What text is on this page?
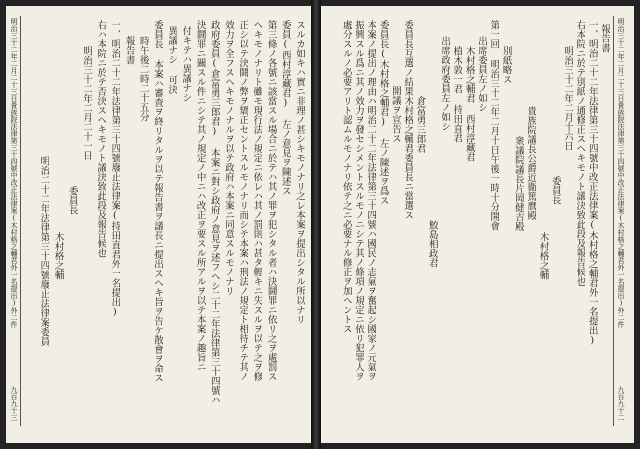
明治三十二年二月二十三日貴族院法律第三十四號中改正法律案(木村格之輔君外一名提出)外二件
九百九十二
報告書
一、明治二十二年法律第三十四號中改正法律案(木村格之輔君外一名提出)
右本院ニ於テ別紙ノ通修正スヘキモノト議決致此段及報告候也
明治三十二年二月十六日
委員長
木村格之輔
貴族院議長公爵近衞篤麿殿
衆議院議長片岡健吉殿
別紙略ス
第一回 明治三十二年二月十日午後一時十分開會
出席委員左ノ如シ
木村格之輔君 西村淳藏君
植木敦一君 持田直君
出席政府委員左ノ如シ
鮫島相政君
倉富勇三郎君
委員長互選ノ結果木村格之輔君委員長ニ當選ス
開議ヲ宣告ス
委員長(木村格之輔君) 左ノ陳述ヲ爲ス
本案ノ提出ノ理由ハ明治二十二年法律第三十四號ハ國民ノ志氣ヲ奮起シ國家ノ元氣ヲ
振興スル爲ニ其ノ效力ヲ發セシメントスルモノニシテ其ノ條項ノ規定ニ依リ犯罪人ヲ
處分スルノ必要アリト認ムルモノナリ依テ之ニ必要ナル修正ヲ加ヘントス
明治三十二年二月二十三日貴族院法律第三十四號中改正法律案(木村格之輔君外一名提出)外二件
九百九十三
スルカ如キハ實ニ非理ノ甚シキモノナリ之レ本案ヲ提出シタル所以ナリ
委員(西村淳藏君) 左ノ意見ヲ陳述ス
第三條ノ各號ニ該當スル場合ニ於テハ其ノ罪ヲ犯シタル者ハ決鬪罪ニ依リ之ヲ處罰ス
ヘキモノナリト雖モ現行法ノ規定ニ依レハ其ノ罰則ハ甚タ輕キニ失スルヲ以テ之ヲ修
正シ以テ決鬪ノ弊ヲ矯正セントスルモノナリ而シテ本案ハ刑法ノ規定ト相待チテ其ノ
效力ヲ全フスヘキモノナルヲ以テ政府ハ本案ニ同意スルモノナリ
政府委員(倉富勇三郎君) 本案ニ對シ政府ノ意見ヲ述フヘシ二十二年法律第三十四號ハ
決鬪罪ニ關スル件ニシテ其ノ規定ノ中ニハ改正ヲ要スル所アルヲ以テ本案ノ趣旨ニ
付キテハ異議ナシ
異議ナシ 可決
委員長 本案ハ審査ヲ終リタルヲ以テ報告書ヲ議長ニ提出スヘキ旨ヲ告ケ散會ヲ命ス
時午後二時二十五分
報告書
一、明治二十二年法律第三十四號廢止法律案(持田直君外一名提出)
右ハ本院ニ於テ否決スヘキモノト議決致此段及報告候也
明治三十二年二月二十一日
委員長
木村格之輔
明治二十二年法律第三十四號廢止法律案委員
